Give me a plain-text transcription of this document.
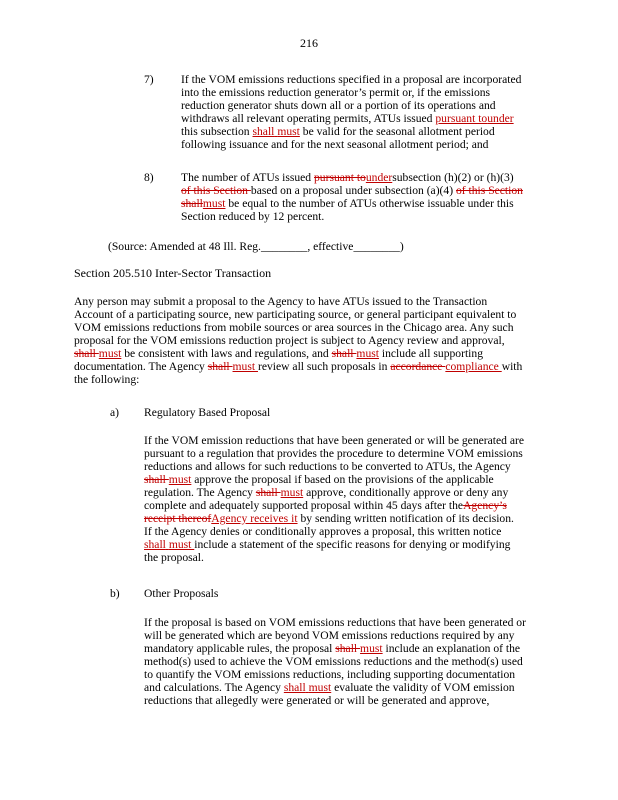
216
7) If the VOM emissions reductions specified in a proposal are incorporated
into the emissions reduction generator’s permit or, if the emissions
reduction generator shuts down all or a portion of its operations and
withdraws all relevant operating permits, ATUs issued pursuant tounder
this subsection shall must be valid for the seasonal allotment period
following issuance and for the next seasonal allotment period; and
8) The number of ATUs issued pursuant toundersubsection (h)(2) or (h)(3)
of this Section based on a proposal under subsection (a)(4) of this Section
shallmust be equal to the number of ATUs otherwise issuable under this
Section reduced by 12 percent.
(Source: Amended at 48 Ill. Reg.________, effective________)
Section 205.510 Inter-Sector Transaction
Any person may submit a proposal to the Agency to have ATUs issued to the Transaction
Account of a participating source, new participating source, or general participant equivalent to
VOM emissions reductions from mobile sources or area sources in the Chicago area. Any such
proposal for the VOM emissions reduction project is subject to Agency review and approval,
shall must be consistent with laws and regulations, and shall must include all supporting
documentation. The Agency shall must review all such proposals in accordance compliance with
the following:
a) Regulatory Based Proposal
If the VOM emission reductions that have been generated or will be generated are
pursuant to a regulation that provides the procedure to determine VOM emissions
reductions and allows for such reductions to be converted to ATUs, the Agency
shall must approve the proposal if based on the provisions of the applicable
regulation. The Agency shall must approve, conditionally approve or deny any
complete and adequately supported proposal within 45 days after theAgency’s
receipt thereofAgency receives it by sending written notification of its decision.
If the Agency denies or conditionally approves a proposal, this written notice
shall must include a statement of the specific reasons for denying or modifying
the proposal.
b) Other Proposals
If the proposal is based on VOM emissions reductions that have been generated or
will be generated which are beyond VOM emissions reductions required by any
mandatory applicable rules, the proposal shall must include an explanation of the
method(s) used to achieve the VOM emissions reductions and the method(s) used
to quantify the VOM emissions reductions, including supporting documentation
and calculations. The Agency shall must evaluate the validity of VOM emission
reductions that allegedly were generated or will be generated and approve,
